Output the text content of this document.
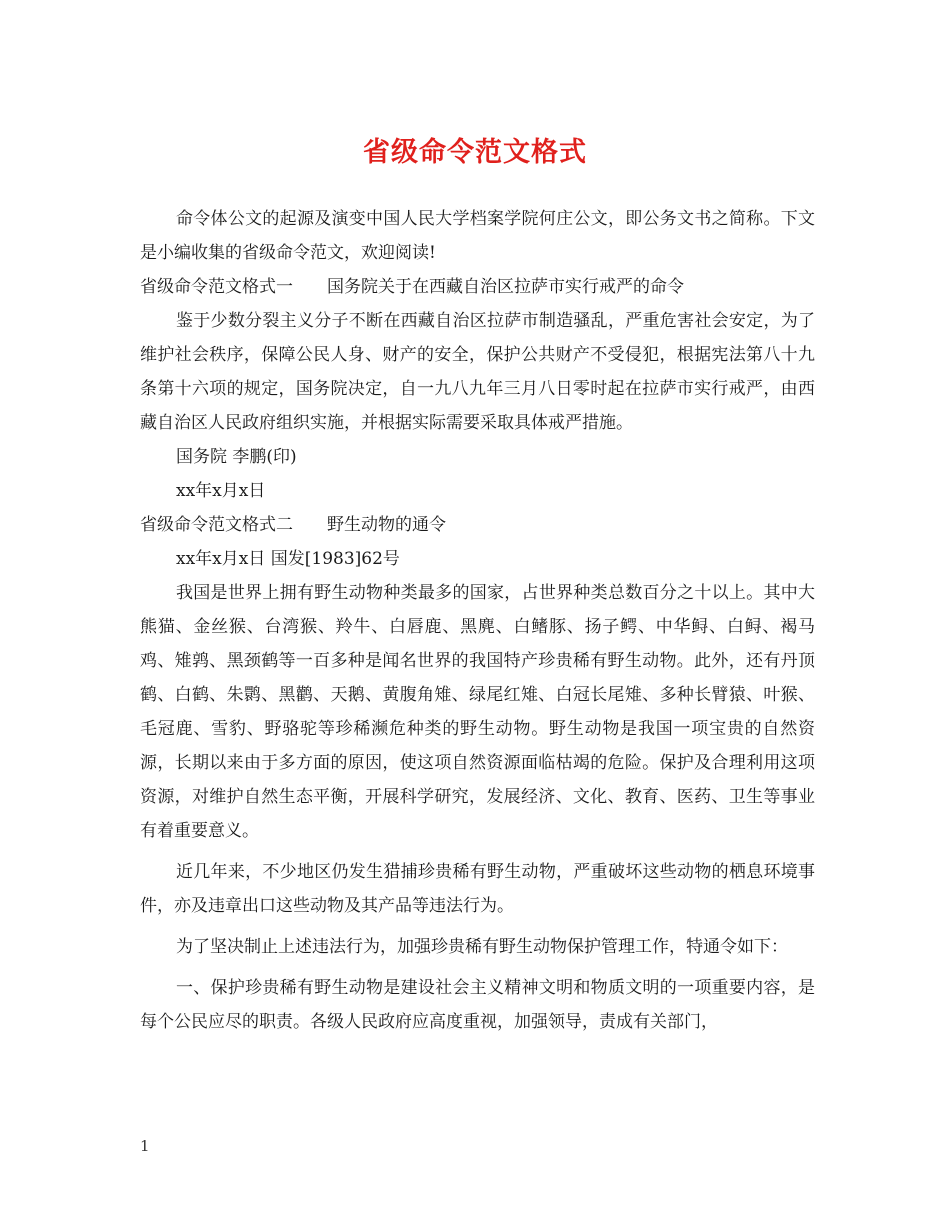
省级命令范文格式

命令体公文的起源及演变中国人民大学档案学院何庄公文，即公务文书之简称。下文是小编收集的省级命令范文，欢迎阅读!

省级命令范文格式一 国务院关于在西藏自治区拉萨市实行戒严的命令

鉴于少数分裂主义分子不断在西藏自治区拉萨市制造骚乱，严重危害社会安定，为了维护社会秩序，保障公民人身、财产的安全，保护公共财产不受侵犯，根据宪法第八十九条第十六项的规定，国务院决定，自一九八九年三月八日零时起在拉萨市实行戒严，由西藏自治区人民政府组织实施，并根据实际需要采取具体戒严措施。

国务院 李鹏(印)

xx年x月x日

省级命令范文格式二 野生动物的通令

xx年x月x日 国发[1983]62号

我国是世界上拥有野生动物种类最多的国家，占世界种类总数百分之十以上。其中大熊猫、金丝猴、台湾猴、羚牛、白唇鹿、黑麂、白鳍豚、扬子鳄、中华鲟、白鲟、褐马鸡、雉鹑、黑颈鹤等一百多种是闻名世界的我国特产珍贵稀有野生动物。此外，还有丹顶鹤、白鹤、朱鹮、黑鹳、天鹅、黄腹角雉、绿尾红雉、白冠长尾雉、多种长臂猿、叶猴、毛冠鹿、雪豹、野骆驼等珍稀濒危种类的野生动物。野生动物是我国一项宝贵的自然资源，长期以来由于多方面的原因，使这项自然资源面临枯竭的危险。保护及合理利用这项资源，对维护自然生态平衡，开展科学研究，发展经济、文化、教育、医药、卫生等事业有着重要意义。

近几年来，不少地区仍发生猎捕珍贵稀有野生动物，严重破坏这些动物的栖息环境事件，亦及违章出口这些动物及其产品等违法行为。

为了坚决制止上述违法行为，加强珍贵稀有野生动物保护管理工作，特通令如下：

一、保护珍贵稀有野生动物是建设社会主义精神文明和物质文明的一项重要内容，是每个公民应尽的职责。各级人民政府应高度重视，加强领导，责成有关部门，

1
